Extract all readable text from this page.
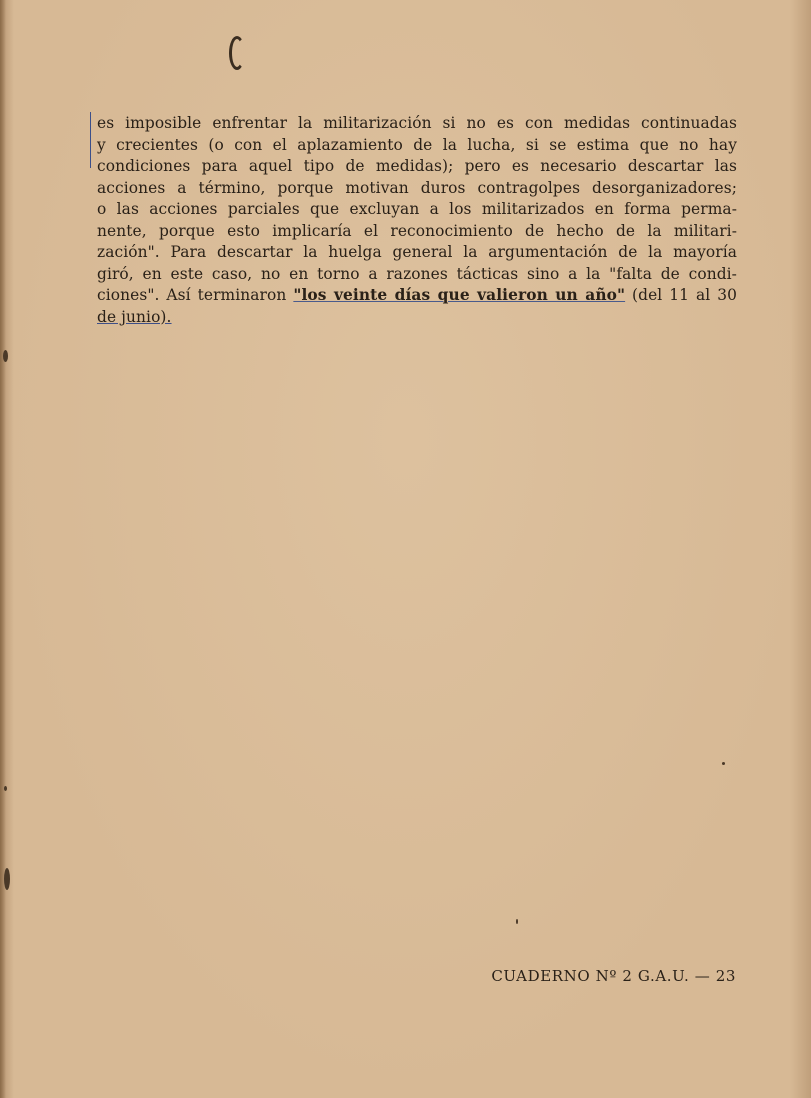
es imposible enfrentar la militarización si no es con medidas continuadas
y crecientes (o con el aplazamiento de la lucha, si se estima que no hay
condiciones para aquel tipo de medidas); pero es necesario descartar las
acciones a término, porque motivan duros contragolpes desorganizadores;
o las acciones parciales que excluyan a los militarizados en forma perma-
nente, porque esto implicaría el reconocimiento de hecho de la militari-
zación". Para descartar la huelga general la argumentación de la mayoría
giró, en este caso, no en torno a razones tácticas sino a la "falta de condi-
ciones". Así terminaron "los veinte días que valieron un año" (del 11 al 30
de junio).
CUADERNO Nº 2 G.A.U. — 23
